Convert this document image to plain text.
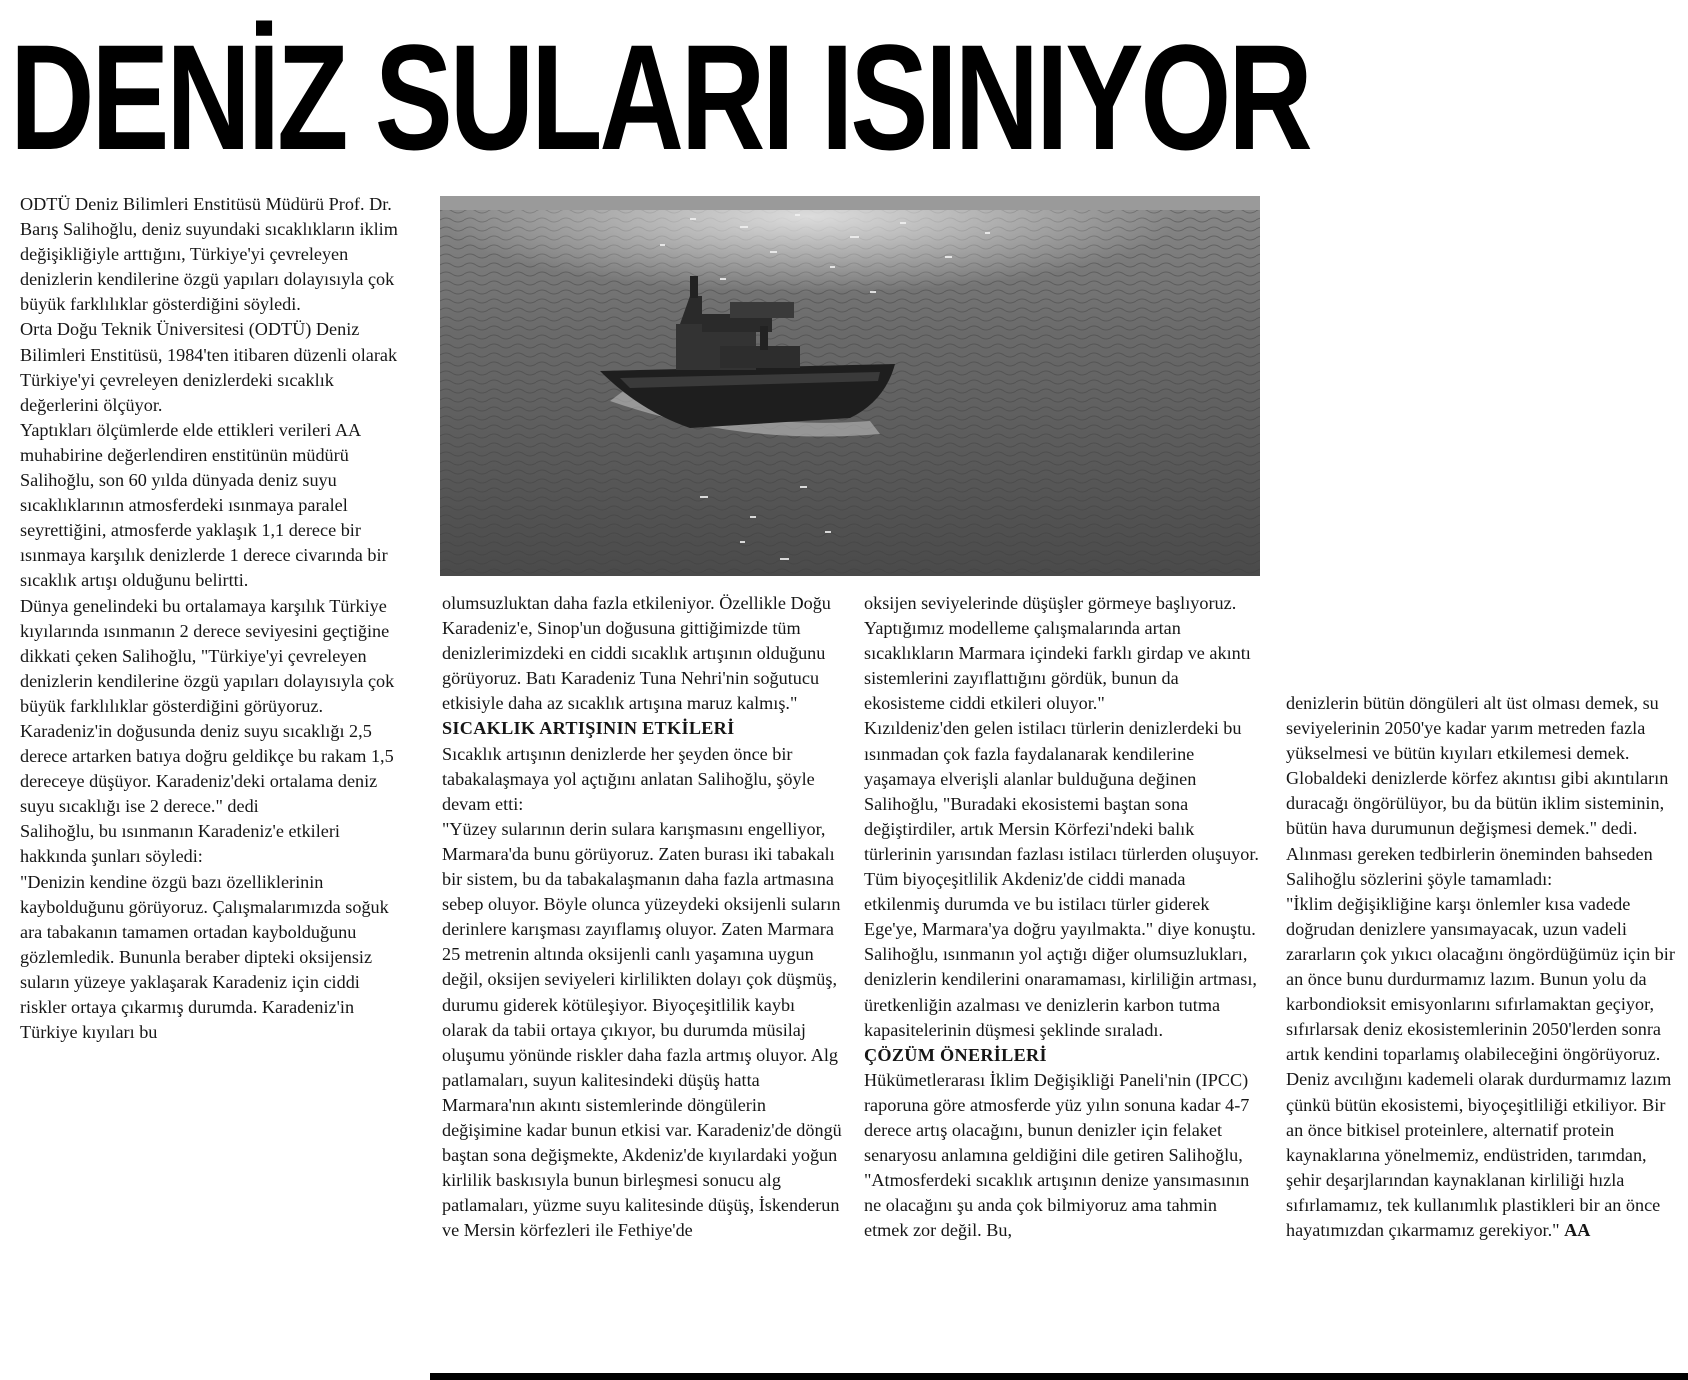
DENİZ SULARI ISINIYOR

ODTÜ Deniz Bilimleri Enstitüsü Müdürü Prof. Dr. Barış Salihoğlu, deniz suyundaki sıcaklıkların iklim değişikliğiyle arttığını, Türkiye'yi çevreleyen denizlerin kendilerine özgü yapıları dolayısıyla çok büyük farklılıklar gösterdiğini söyledi.

Orta Doğu Teknik Üniversitesi (ODTÜ) Deniz Bilimleri Enstitüsü, 1984'ten itibaren düzenli olarak Türkiye'yi çevreleyen denizlerdeki sıcaklık değerlerini ölçüyor.

Yaptıkları ölçümlerde elde ettikleri verileri AA muhabirine değerlendiren enstitünün müdürü Salihoğlu, son 60 yılda dünyada deniz suyu sıcaklıklarının atmosferdeki ısınmaya paralel seyrettiğini, atmosferde yaklaşık 1,1 derece bir ısınmaya karşılık denizlerde 1 derece civarında bir sıcaklık artışı olduğunu belirtti.

Dünya genelindeki bu ortalamaya karşılık Türkiye kıyılarında ısınmanın 2 derece seviyesini geçtiğine dikkati çeken Salihoğlu, "Türkiye'yi çevreleyen denizlerin kendilerine özgü yapıları dolayısıyla çok büyük farklılıklar gösterdiğini görüyoruz. Karadeniz'in doğusunda deniz suyu sıcaklığı 2,5 derece artarken batıya doğru geldikçe bu rakam 1,5 dereceye düşüyor. Karadeniz'deki ortalama deniz suyu sıcaklığı ise 2 derece." dedi

Salihoğlu, bu ısınmanın Karadeniz'e etkileri hakkında şunları söyledi:

"Denizin kendine özgü bazı özelliklerinin kaybolduğunu görüyoruz. Çalışmalarımızda soğuk ara tabakanın tamamen ortadan kaybolduğunu gözlemledik. Bununla beraber dipteki oksijensiz suların yüzeye yaklaşarak Karadeniz için ciddi riskler ortaya çıkarmış durumda. Karadeniz'in Türkiye kıyıları bu

olumsuzluktan daha fazla etkileniyor. Özellikle Doğu Karadeniz'e, Sinop'un doğusuna gittiğimizde tüm denizlerimizdeki en ciddi sıcaklık artışının olduğunu görüyoruz. Batı Karadeniz Tuna Nehri'nin soğutucu etkisiyle daha az sıcaklık artışına maruz kalmış."

SICAKLIK ARTIŞININ ETKİLERİ

Sıcaklık artışının denizlerde her şeyden önce bir tabakalaşmaya yol açtığını anlatan Salihoğlu, şöyle devam etti:

"Yüzey sularının derin sulara karışmasını engelliyor, Marmara'da bunu görüyoruz. Zaten burası iki tabakalı bir sistem, bu da tabakalaşmanın daha fazla artmasına sebep oluyor. Böyle olunca yüzeydeki oksijenli suların derinlere karışması zayıflamış oluyor. Zaten Marmara 25 metrenin altında oksijenli canlı yaşamına uygun değil, oksijen seviyeleri kirlilikten dolayı çok düşmüş, durumu giderek kötüleşiyor. Biyoçeşitlilik kaybı olarak da tabii ortaya çıkıyor, bu durumda müsilaj oluşumu yönünde riskler daha fazla artmış oluyor. Alg patlamaları, suyun kalitesindeki düşüş hatta Marmara'nın akıntı sistemlerinde döngülerin değişimine kadar bunun etkisi var. Karadeniz'de döngü baştan sona değişmekte, Akdeniz'de kıyılardaki yoğun kirlilik baskısıyla bunun birleşmesi sonucu alg patlamaları, yüzme suyu kalitesinde düşüş, İskenderun ve Mersin körfezleri ile Fethiye'de

oksijen seviyelerinde düşüşler görmeye başlıyoruz. Yaptığımız modelleme çalışmalarında artan sıcaklıkların Marmara içindeki farklı girdap ve akıntı sistemlerini zayıflattığını gördük, bunun da ekosisteme ciddi etkileri oluyor."

Kızıldeniz'den gelen istilacı türlerin denizlerdeki bu ısınmadan çok fazla faydalanarak kendilerine yaşamaya elverişli alanlar bulduğuna değinen Salihoğlu, "Buradaki ekosistemi baştan sona değiştirdiler, artık Mersin Körfezi'ndeki balık türlerinin yarısından fazlası istilacı türlerden oluşuyor. Tüm biyoçeşitlilik Akdeniz'de ciddi manada etkilenmiş durumda ve bu istilacı türler giderek Ege'ye, Marmara'ya doğru yayılmakta." diye konuştu.

Salihoğlu, ısınmanın yol açtığı diğer olumsuzlukları, denizlerin kendilerini onaramaması, kirliliğin artması, üretkenliğin azalması ve denizlerin karbon tutma kapasitelerinin düşmesi şeklinde sıraladı.

ÇÖZÜM ÖNERİLERİ

Hükümetlerarası İklim Değişikliği Paneli'nin (IPCC) raporuna göre atmosferde yüz yılın sonuna kadar 4-7 derece artış olacağını, bunun denizler için felaket senaryosu anlamına geldiğini dile getiren Salihoğlu, "Atmosferdeki sıcaklık artışının denize yansımasının ne olacağını şu anda çok bilmiyoruz ama tahmin etmek zor değil. Bu,

denizlerin bütün döngüleri alt üst olması demek, su seviyelerinin 2050'ye kadar yarım metreden fazla yükselmesi ve bütün kıyıları etkilemesi demek. Globaldeki denizlerde körfez akıntısı gibi akıntıların duracağı öngörülüyor, bu da bütün iklim sisteminin, bütün hava durumunun değişmesi demek." dedi.

Alınması gereken tedbirlerin öneminden bahseden Salihoğlu sözlerini şöyle tamamladı:

"İklim değişikliğine karşı önlemler kısa vadede doğrudan denizlere yansımayacak, uzun vadeli zararların çok yıkıcı olacağını öngördüğümüz için bir an önce bunu durdurmamız lazım. Bunun yolu da karbondioksit emisyonlarını sıfırlamaktan geçiyor, sıfırlarsak deniz ekosistemlerinin 2050'lerden sonra artık kendini toparlamış olabileceğini öngörüyoruz. Deniz avcılığını kademeli olarak durdurmamız lazım çünkü bütün ekosistemi, biyoçeşitliliği etkiliyor. Bir an önce bitkisel proteinlere, alternatif protein kaynaklarına yönelmemiz, endüstriden, tarımdan, şehir deşarjlarından kaynaklanan kirliliği hızla sıfırlamamız, tek kullanımlık plastikleri bir an önce hayatımızdan çıkarmamız gerekiyor." AA
